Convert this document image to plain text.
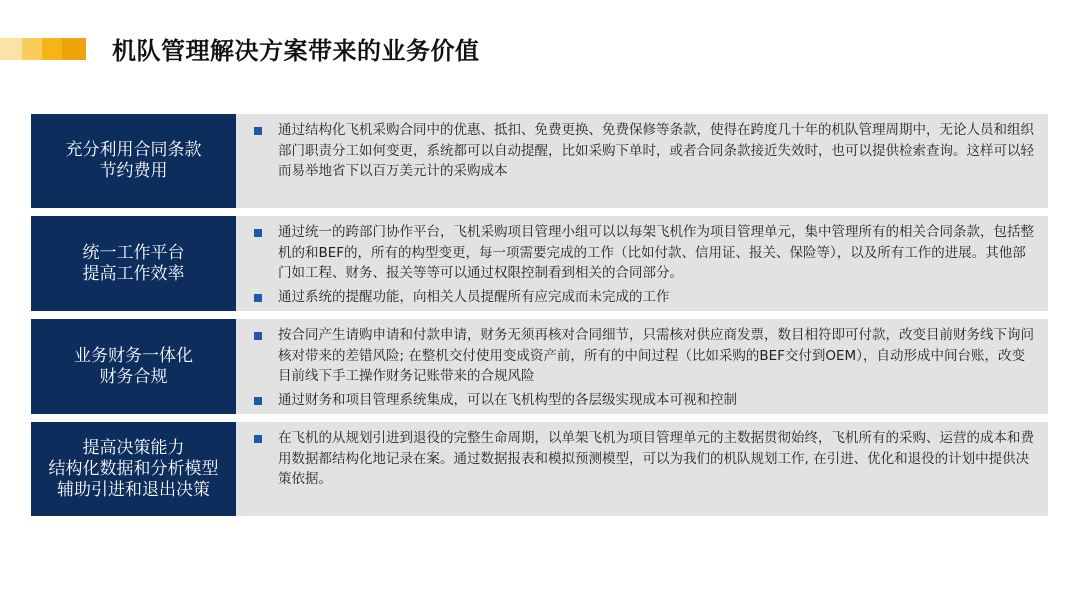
机队管理解决方案带来的业务价值
充分利用合同条款
节约费用
通过结构化飞机采购合同中的优惠、抵扣、免费更换、免费保修等条款，使得在跨度几十年的机队管理周期中，无论人员和组织部门职责分工如何变更，系统都可以自动提醒，比如采购下单时，或者合同条款接近失效时，也可以提供检索查询。这样可以轻而易举地省下以百万美元计的采购成本
统一工作平台
提高工作效率
通过统一的跨部门协作平台，飞机采购项目管理小组可以以每架飞机作为项目管理单元，集中管理所有的相关合同条款，包括整机的和BEF的，所有的构型变更，每一项需要完成的工作（比如付款、信用证、报关、保险等），以及所有工作的进展。其他部门如工程、财务、报关等等可以通过权限控制看到相关的合同部分。
通过系统的提醒功能，向相关人员提醒所有应完成而未完成的工作
业务财务一体化
财务合规
按合同产生请购申请和付款申请，财务无须再核对合同细节，只需核对供应商发票，数目相符即可付款，改变目前财务线下询问核对带来的差错风险; 在整机交付使用变成资产前，所有的中间过程（比如采购的BEF交付到OEM），自动形成中间台账，改变目前线下手工操作财务记账带来的合规风险
通过财务和项目管理系统集成，可以在飞机构型的各层级实现成本可视和控制
提高决策能力
结构化数据和分析模型
辅助引进和退出决策
在飞机的从规划引进到退役的完整生命周期，以单架飞机为项目管理单元的主数据贯彻始终，飞机所有的采购、运营的成本和费用数据都结构化地记录在案。通过数据报表和模拟预测模型，可以为我们的机队规划工作, 在引进、优化和退役的计划中提供决策依据。
